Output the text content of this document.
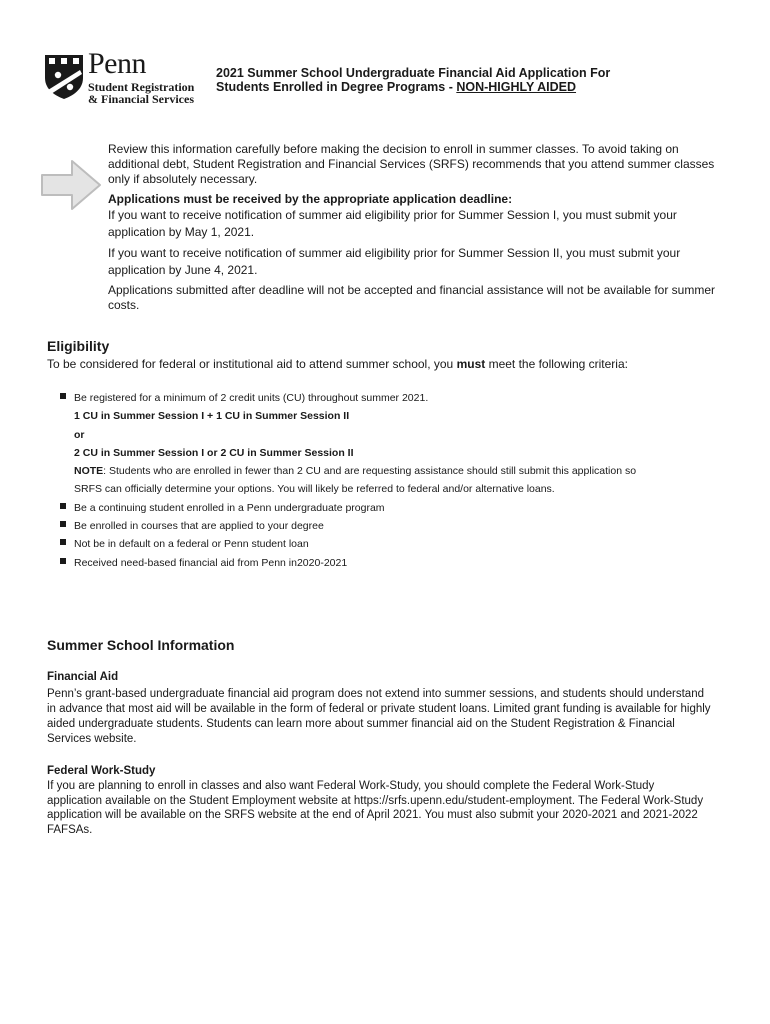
Penn
Student Registration
& Financial Services
2021 Summer School Undergraduate Financial Aid Application For
Students Enrolled in Degree Programs - NON-HIGHLY AIDED

Review this information carefully before making the decision to enroll in summer classes. To avoid taking on additional debt, Student Registration and Financial Services (SRFS) recommends that you attend summer classes only if absolutely necessary.

Applications must be received by the appropriate application deadline:

If you want to receive notification of summer aid eligibility prior for Summer Session I, you must submit your application by May 1, 2021.

If you want to receive notification of summer aid eligibility prior for Summer Session II, you must submit your application by June 4, 2021.

Applications submitted after deadline will not be accepted and financial assistance will not be available for summer costs.

Eligibility

To be considered for federal or institutional aid to attend summer school, you must meet the following criteria:

Be registered for a minimum of 2 credit units (CU) throughout summer 2021.
1 CU in Summer Session I + 1 CU in Summer Session II
or
2 CU in Summer Session I or 2 CU in Summer Session II
NOTE: Students who are enrolled in fewer than 2 CU and are requesting assistance should still submit this application so
SRFS can officially determine your options. You will likely be referred to federal and/or alternative loans.
Be a continuing student enrolled in a Penn undergraduate program
Be enrolled in courses that are applied to your degree
Not be in default on a federal or Penn student loan
Received need-based financial aid from Penn in2020-2021
Summer School Information
Financial Aid

Penn’s grant-based undergraduate financial aid program does not extend into summer sessions, and students should understand in advance that most aid will be available in the form of federal or private student loans. Limited grant funding is available for highly aided undergraduate students. Students can learn more about summer financial aid on the Student Registration & Financial Services website.

Federal Work-Study

If you are planning to enroll in classes and also want Federal Work-Study, you should complete the Federal Work-Study application available on the Student Employment website at https://srfs.upenn.edu/student-employment. The Federal Work-Study application will be available on the SRFS website at the end of April 2021. You must also submit your 2020-2021 and 2021-2022 FAFSAs.
